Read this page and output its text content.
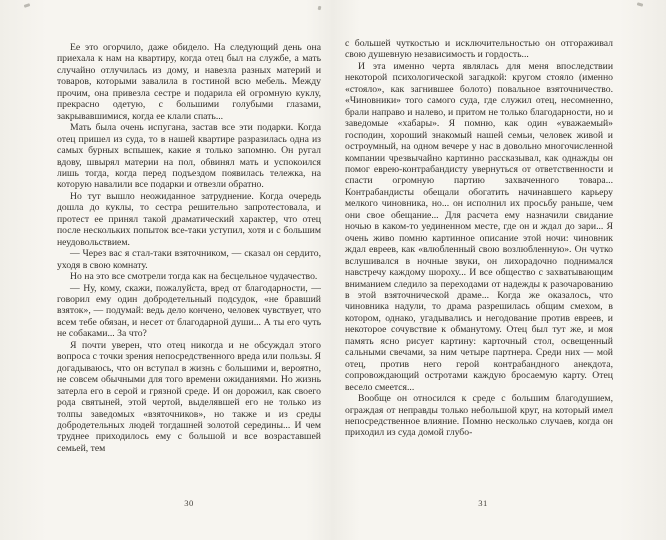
Ее это огорчило, даже обидело. На следующий день она приехала к нам на квартиру, когда отец был на службе, а мать случайно отлучилась из дому, и навезла разных материй и товаров, которыми завалила в гостиной всю мебель. Между прочим, она привезла сестре и подарила ей огромную куклу, прекрасно одетую, с большими голубыми глазами, закрывавшимися, когда ее клали спать...

Мать была очень испугана, застав все эти подарки. Когда отец пришел из суда, то в нашей квартире разразилась одна из самых бурных вспышек, какие я только запомню. Он ругал вдову, швырял материи на пол, обвинял мать и успокоился лишь тогда, когда перед подъездом появилась тележка, на которую навалили все подарки и отвезли обратно.

Но тут вышло неожиданное затруднение. Когда очередь дошла до куклы, то сестра решительно запротестовала, и протест ее принял такой драматический характер, что отец после нескольких попыток все-таки уступил, хотя и с большим неудовольствием.

— Через вас я стал-таки взяточником, — сказал он сердито, уходя в свою комнату.

Но на это все смотрели тогда как на бесцельное чудачество.

— Ну, кому, скажи, пожалуйста, вред от благодарности, — говорил ему один добродетельный подсудок, «не бравший взяток», — подумай: ведь дело кончено, человек чувствует, что всем тебе обязан, и несет от благодарной души... А ты его чуть не собаками... За что?

Я почти уверен, что отец никогда и не обсуждал этого вопроса с точки зрения непосредственного вреда или пользы. Я догадываюсь, что он вступал в жизнь с большими и, вероятно, не совсем обычными для того времени ожиданиями. Но жизнь затерла его в серой и грязной среде. И он дорожил, как своего рода святыней, этой чертой, выделявшей его не только из толпы заведомых «взяточников», но также и из среды добродетельных людей тогдашней золотой середины... И чем труднее приходилось ему с большой и все возраставшей семьей, тем

с большей чуткостью и исключительностью он отгораживал свою душевную независимость и гордость...

И эта именно черта являлась для меня впоследствии некоторой психологической загадкой: кругом стояло (именно «стояло», как загнившее болото) повальное взяточничество. «Чиновники» того самого суда, где служил отец, несомненно, брали направо и налево, и притом не только благодарности, но и заведомые «хабары». Я помню, как один «уважаемый» господин, хороший знакомый нашей семьи, человек живой и остроумный, на одном вечере у нас в довольно многочисленной компании чрезвычайно картинно рассказывал, как однажды он помог еврею-контрабандисту увернуться от ответственности и спасти огромную партию захваченного товара... Контрабандисты обещали обогатить начинавшего карьеру мелкого чиновника, но... он исполнил их просьбу раньше, чем они свое обещание... Для расчета ему назначили свидание ночью в каком-то уединенном месте, где он и ждал до зари... Я очень живо помню картинное описание этой ночи: чиновник ждал евреев, как «влюбленный свою возлюбленную». Он чутко вслушивался в ночные звуки, он лихорадочно поднимался навстречу каждому шороху... И все общество с захватывающим вниманием следило за переходами от надежды к разочарованию в этой взяточнической драме... Когда же оказалось, что чиновника надули, то драма разрешилась общим смехом, в котором, однако, угадывались и негодование против евреев, и некоторое сочувствие к обманутому. Отец был тут же, и моя память ясно рисует картину: карточный стол, освещенный сальными свечами, за ним четыре партнера. Среди них — мой отец, против него герой контрабандного анекдота, сопровождающий остротами каждую бросаемую карту. Отец весело смеется...

Вообще он относился к среде с большим благодушием, ограждая от неправды только небольшой круг, на который имел непосредственное влияние. Помню несколько случаев, когда он приходил из суда домой глубо-

30	31
